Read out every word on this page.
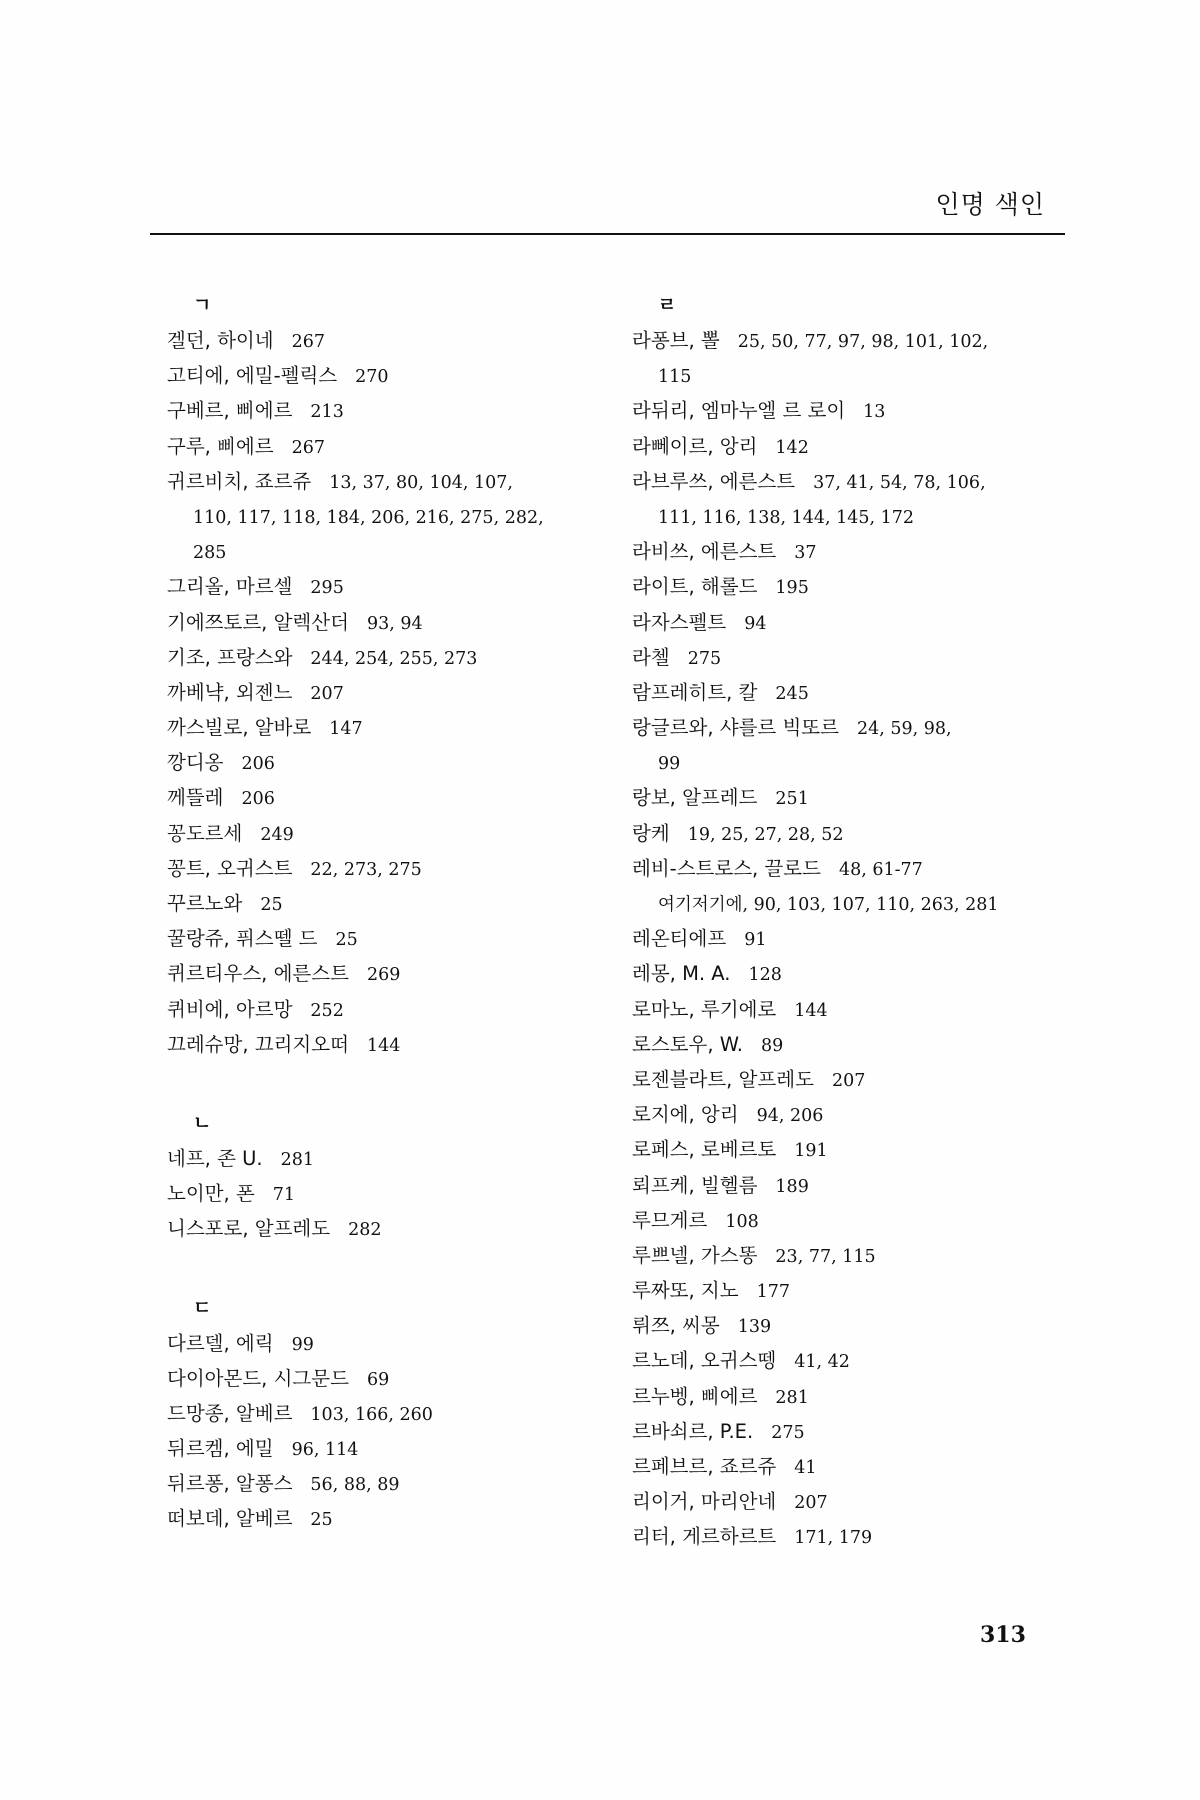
인명 색인
ㄱ
겔던, 하이네 267
고티에, 에밀-펠릭스 270
구베르, 삐에르 213
구루, 삐에르 267
귀르비치, 죠르쥬 13, 37, 80, 104, 107,
110, 117, 118, 184, 206, 216, 275, 282,
285
그리올, 마르셀 295
기에쯔토르, 알렉산더 93, 94
기조, 프랑스와 244, 254, 255, 273
까베냑, 외젠느 207
까스빌로, 알바로 147
깡디옹 206
께뜰레 206
꽁도르세 249
꽁트, 오귀스트 22, 273, 275
꾸르노와 25
꿀랑쥬, 퓌스뗄 드 25
퀴르티우스, 에른스트 269
퀴비에, 아르망 252
끄레슈망, 끄리지오떠 144
ㄴ
네프, 존 U. 281
노이만, 폰 71
니스포로, 알프레도 282
ㄷ
다르델, 에릭 99
다이아몬드, 시그문드 69
드망종, 알베르 103, 166, 260
뒤르켐, 에밀 96, 114
뒤르퐁, 알퐁스 56, 88, 89
떠보데, 알베르 25
ㄹ
라퐁브, 뽈 25, 50, 77, 97, 98, 101, 102,
115
라뒤리, 엠마누엘 르 로이 13
라뻬이르, 앙리 142
라브루쓰, 에른스트 37, 41, 54, 78, 106,
111, 116, 138, 144, 145, 172
라비쓰, 에른스트 37
라이트, 해롤드 195
라자스펠트 94
라첼 275
람프레히트, 칼 245
랑글르와, 샤를르 빅또르 24, 59, 98,
99
랑보, 알프레드 251
랑케 19, 25, 27, 28, 52
레비-스트로스, 끌로드 48, 61-77
여기저기에, 90, 103, 107, 110, 263, 281
레온티에프 91
레몽, M. A. 128
로마노, 루기에로 144
로스토우, W. 89
로젠블라트, 알프레도 207
로지에, 앙리 94, 206
로페스, 로베르토 191
뢰프케, 빌헬름 189
루므게르 108
루쁘넬, 가스똥 23, 77, 115
루짜또, 지노 177
뤼쯔, 씨몽 139
르노데, 오귀스뗑 41, 42
르누벵, 삐에르 281
르바쇠르, P.E. 275
르페브르, 죠르쥬 41
리이거, 마리안네 207
리터, 게르하르트 171, 179
313
